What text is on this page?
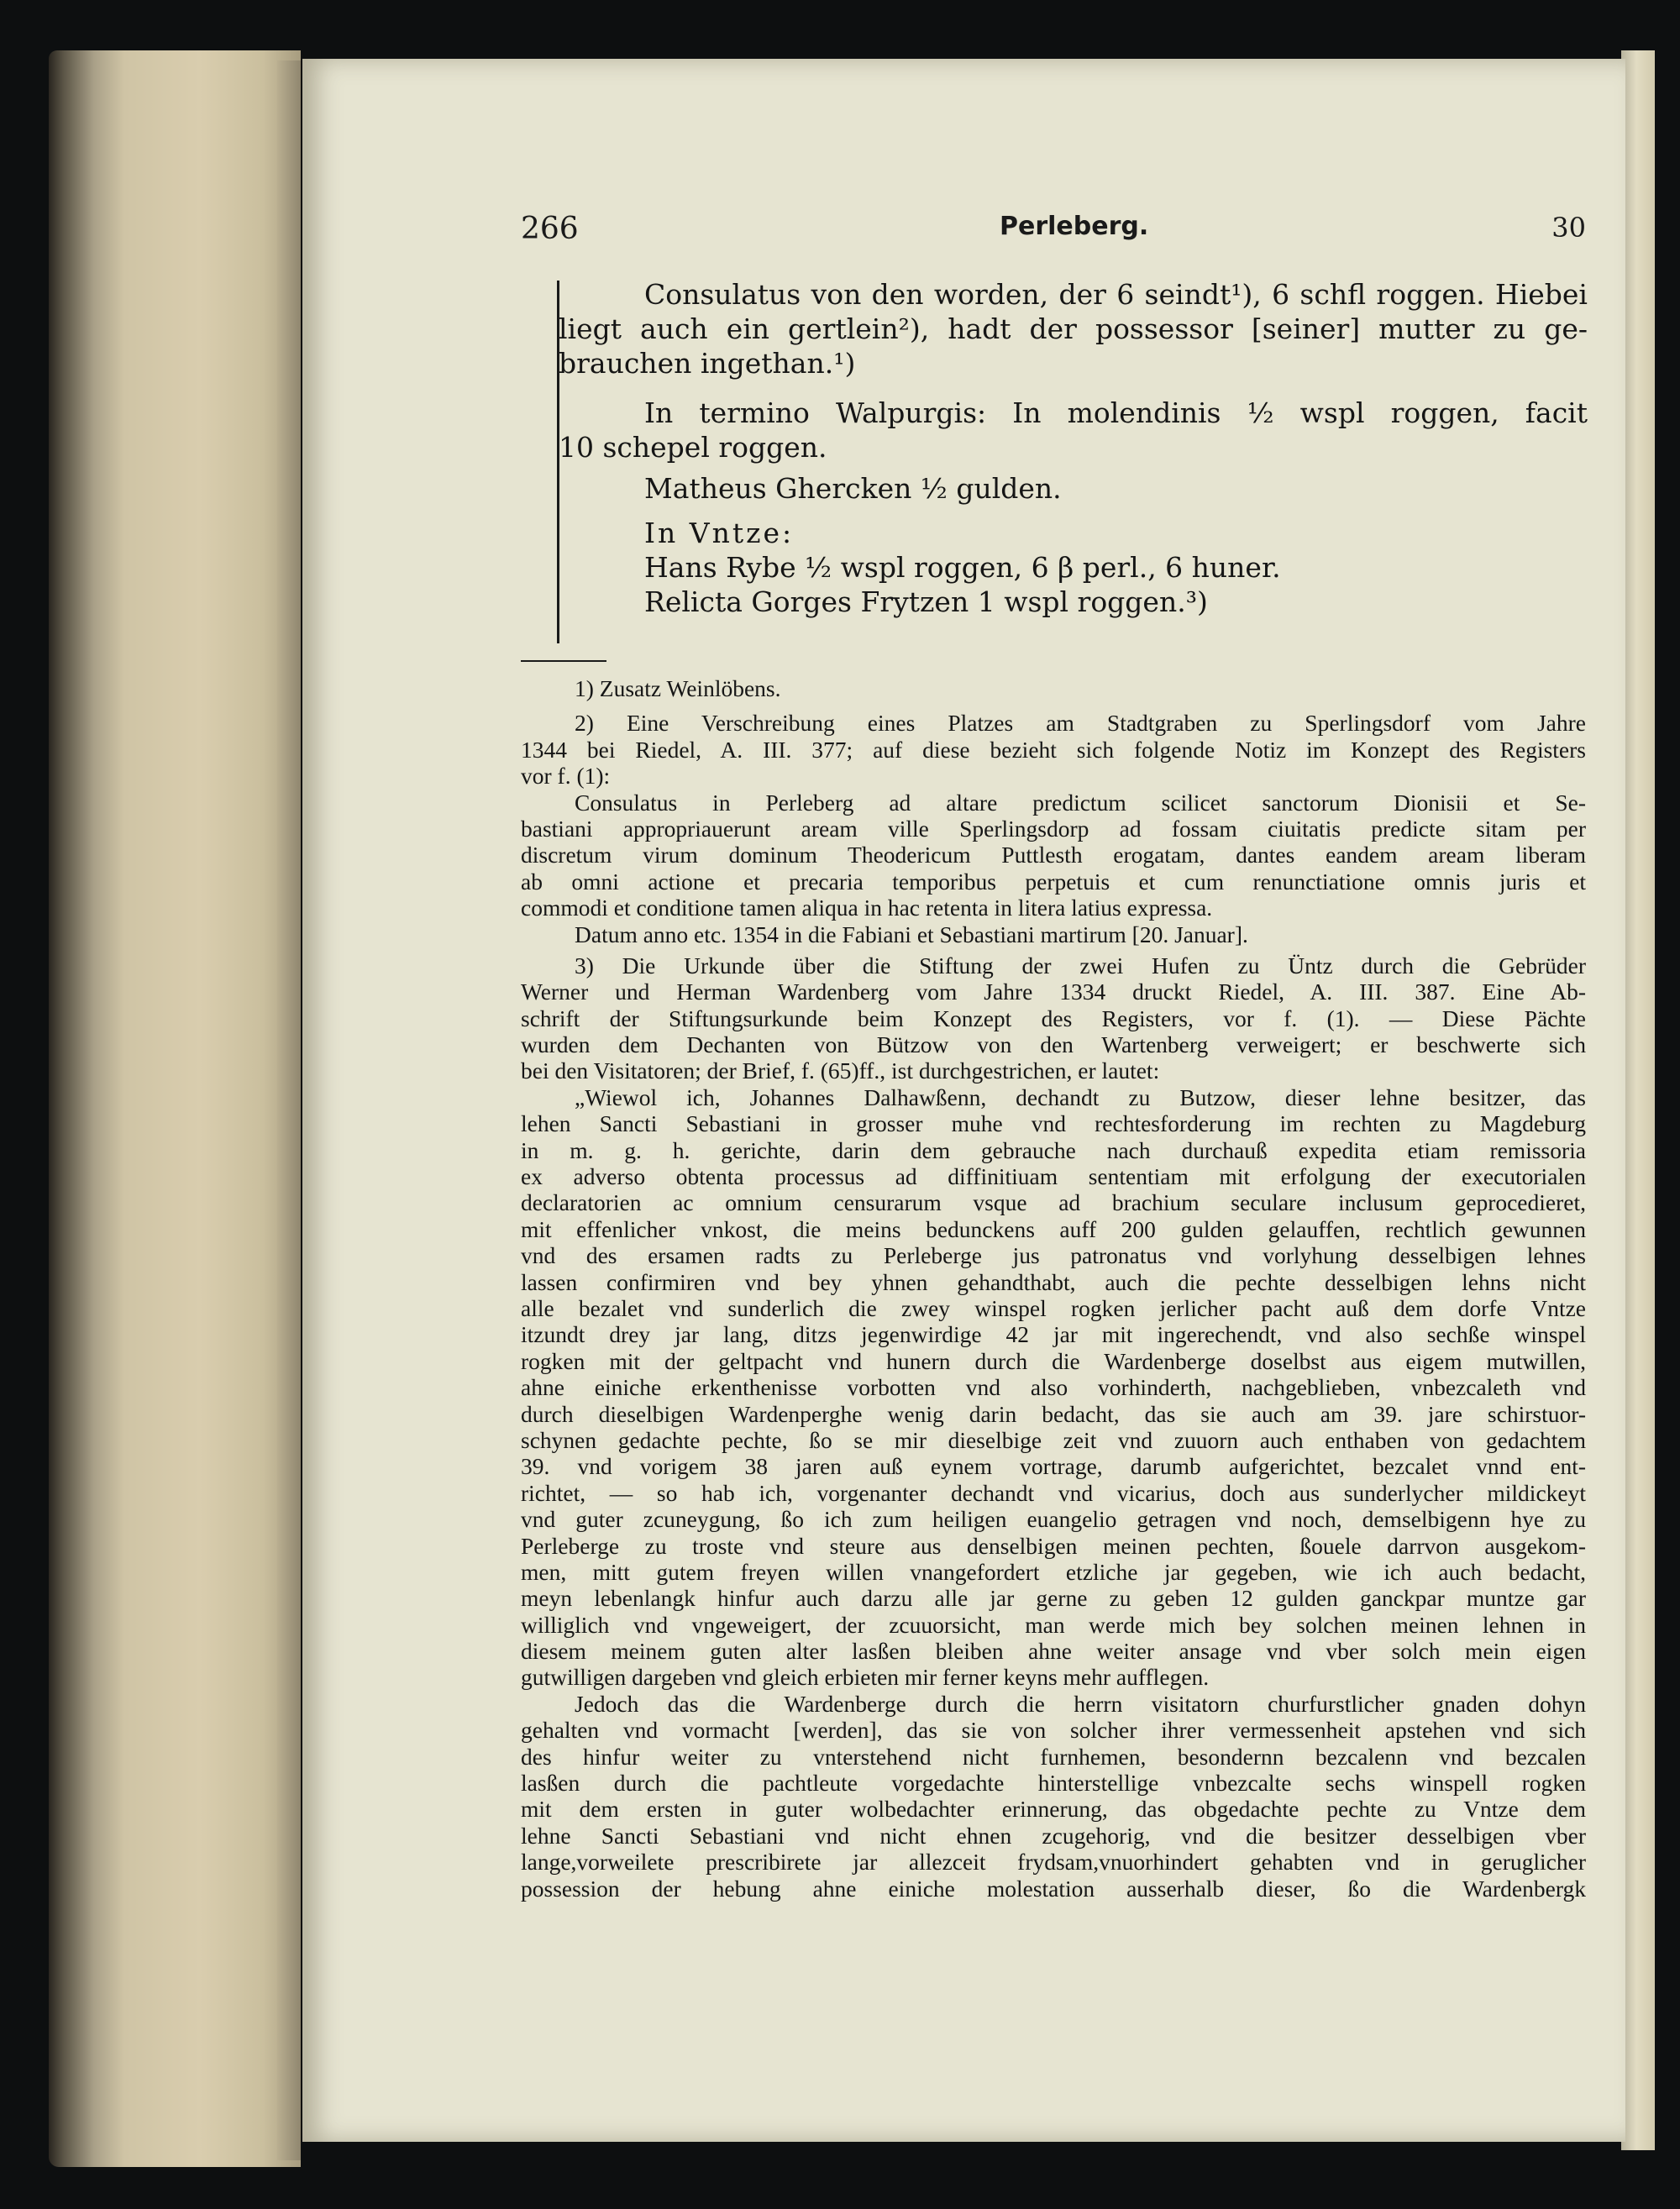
266	Perleberg.	30
Consulatus von den worden, der 6 seindt¹), 6 schfl roggen. Hiebei
liegt auch ein gertlein²), hadt der possessor [seiner] mutter zu ge-
brauchen ingethan.¹)
In termino Walpurgis: In molendinis ½ wspl roggen, facit
10 schepel roggen.
Matheus Ghercken ½ gulden.
In Vntze:
Hans Rybe ½ wspl roggen, 6 β perl., 6 huner.
Relicta Gorges Frytzen 1 wspl roggen.³)
1) Zusatz Weinlöbens.
2) Eine Verschreibung eines Platzes am Stadtgraben zu Sperlingsdorf vom Jahre
1344 bei Riedel, A. III. 377; auf diese bezieht sich folgende Notiz im Konzept des Registers
vor f. (1):
Consulatus in Perleberg ad altare predictum scilicet sanctorum Dionisii et Se-
bastiani appropriauerunt aream ville Sperlingsdorp ad fossam ciuitatis predicte sitam per
discretum virum dominum Theodericum Puttlesth erogatam, dantes eandem aream liberam
ab omni actione et precaria temporibus perpetuis et cum renunctiatione omnis juris et
commodi et conditione tamen aliqua in hac retenta in litera latius expressa.
Datum anno etc. 1354 in die Fabiani et Sebastiani martirum [20. Januar].
3) Die Urkunde über die Stiftung der zwei Hufen zu Üntz durch die Gebrüder
Werner und Herman Wardenberg vom Jahre 1334 druckt Riedel, A. III. 387. Eine Ab-
schrift der Stiftungsurkunde beim Konzept des Registers, vor f. (1). — Diese Pächte
wurden dem Dechanten von Bützow von den Wartenberg verweigert; er beschwerte sich
bei den Visitatoren; der Brief, f. (65)ff., ist durchgestrichen, er lautet:
„Wiewol ich, Johannes Dalhawßenn, dechandt zu Butzow, dieser lehne besitzer, das
lehen Sancti Sebastiani in grosser muhe vnd rechtesforderung im rechten zu Magdeburg
in m. g. h. gerichte, darin dem gebrauche nach durchauß expedita etiam remissoria
ex adverso obtenta processus ad diffinitiuam sententiam mit erfolgung der executorialen
declaratorien ac omnium censurarum vsque ad brachium seculare inclusum geprocedieret,
mit effenlicher vnkost, die meins bedunckens auff 200 gulden gelauffen, rechtlich gewunnen
vnd des ersamen radts zu Perleberge jus patronatus vnd vorlyhung desselbigen lehnes
lassen confirmiren vnd bey yhnen gehandthabt, auch die pechte desselbigen lehns nicht
alle bezalet vnd sunderlich die zwey winspel rogken jerlicher pacht auß dem dorfe Vntze
itzundt drey jar lang, ditzs jegenwirdige 42 jar mit ingerechendt, vnd also sechße winspel
rogken mit der geltpacht vnd hunern durch die Wardenberge doselbst aus eigem mutwillen,
ahne einiche erkenthenisse vorbotten vnd also vorhinderth, nachgeblieben, vnbezcaleth vnd
durch dieselbigen Wardenperghe wenig darin bedacht, das sie auch am 39. jare schirstuor-
schynen gedachte pechte, ßo se mir dieselbige zeit vnd zuuorn auch enthaben von gedachtem
39. vnd vorigem 38 jaren auß eynem vortrage, darumb aufgerichtet, bezcalet vnnd ent-
richtet, — so hab ich, vorgenanter dechandt vnd vicarius, doch aus sunderlycher mildickeyt
vnd guter zcuneygung, ßo ich zum heiligen euangelio getragen vnd noch, demselbigenn hye zu
Perleberge zu troste vnd steure aus denselbigen meinen pechten, ßouele darrvon ausgekom-
men, mitt gutem freyen willen vnangefordert etzliche jar gegeben, wie ich auch bedacht,
meyn lebenlangk hinfur auch darzu alle jar gerne zu geben 12 gulden ganckpar muntze gar
williglich vnd vngeweigert, der zcuuorsicht, man werde mich bey solchen meinen lehnen in
diesem meinem guten alter lasßen bleiben ahne weiter ansage vnd vber solch mein eigen
gutwilligen dargeben vnd gleich erbieten mir ferner keyns mehr aufflegen.
Jedoch das die Wardenberge durch die herrn visitatorn churfurstlicher gnaden dohyn
gehalten vnd vormacht [werden], das sie von solcher ihrer vermessenheit apstehen vnd sich
des hinfur weiter zu vnterstehend nicht furnhemen, besondernn bezcalenn vnd bezcalen
lasßen durch die pachtleute vorgedachte hinterstellige vnbezcalte sechs winspell rogken
mit dem ersten in guter wolbedachter erinnerung, das obgedachte pechte zu Vntze dem
lehne Sancti Sebastiani vnd nicht ehnen zcugehorig, vnd die besitzer desselbigen vber
lange,vorweilete prescribirete jar allezceit frydsam,vnuorhindert gehabten vnd in geruglicher
possession der hebung ahne einiche molestation ausserhalb dieser, ßo die Wardenbergk
